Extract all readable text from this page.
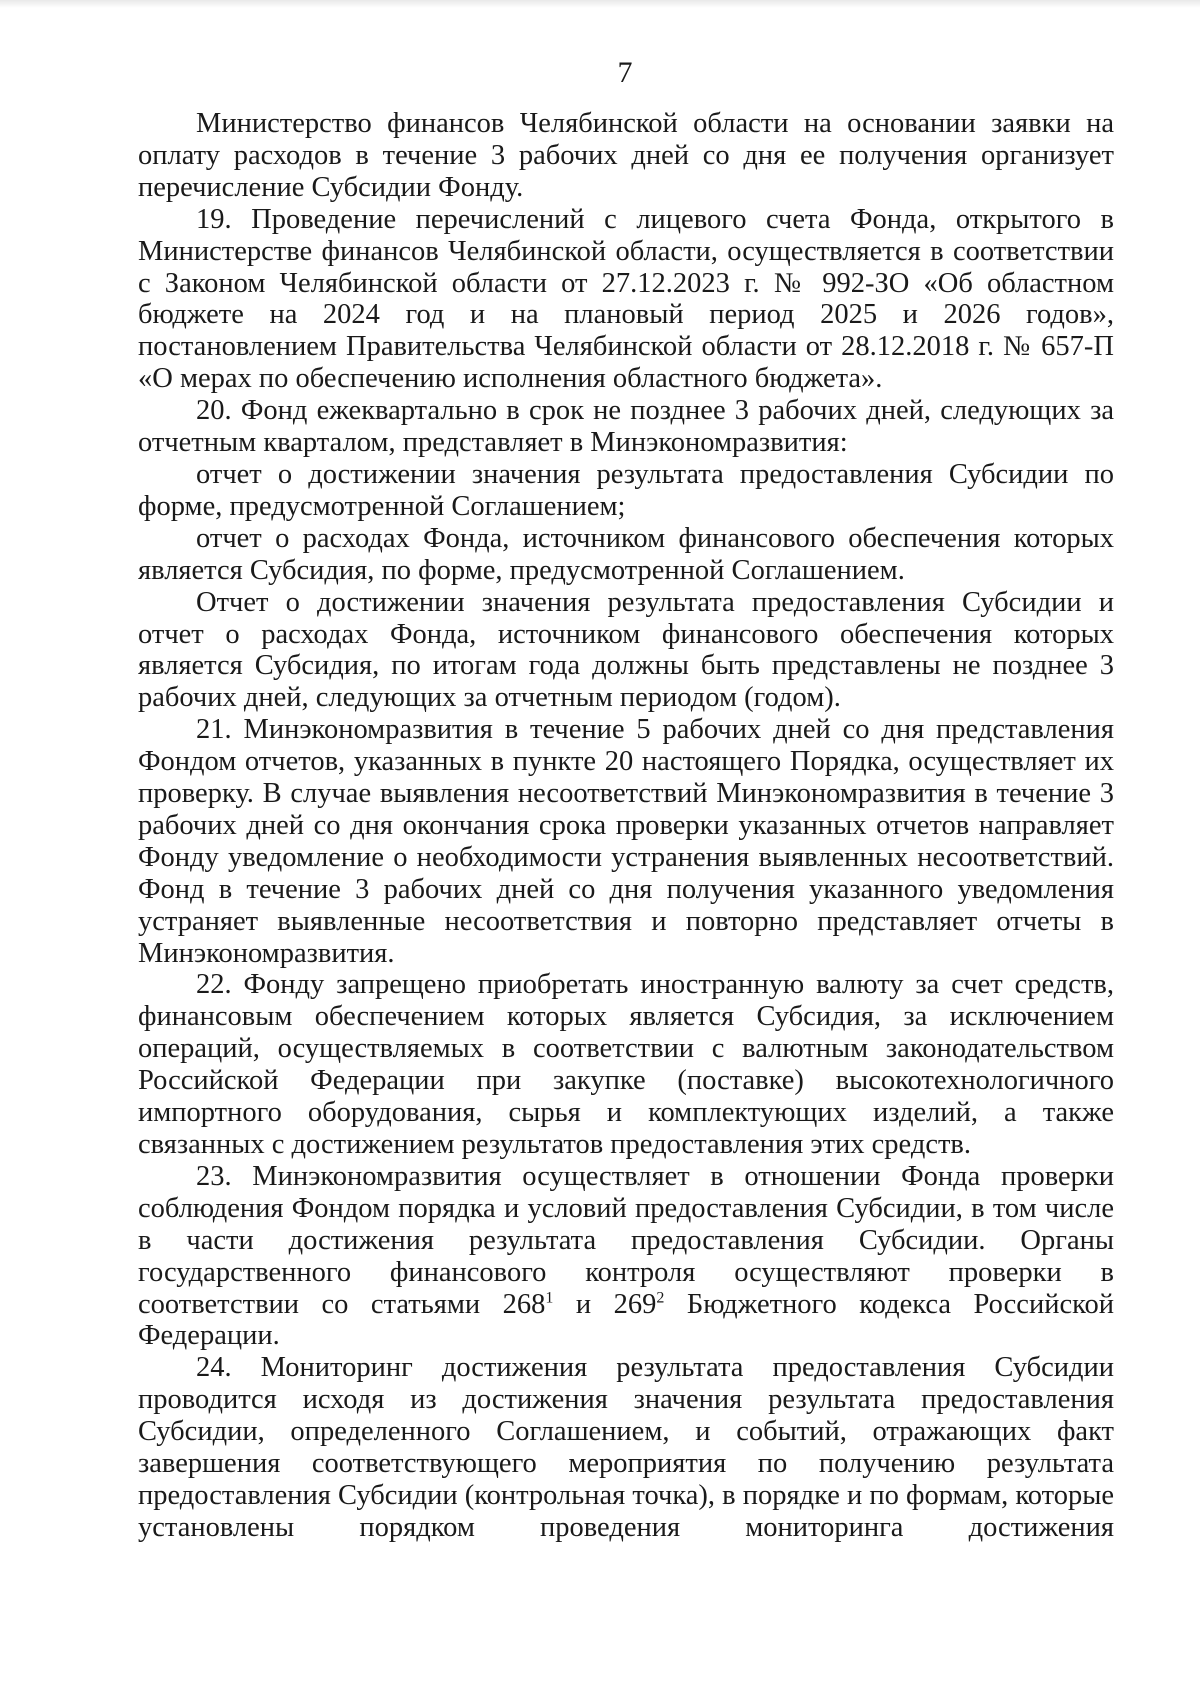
7

Министерство финансов Челябинской области на основании заявки на оплату расходов в течение 3 рабочих дней со дня ее получения организует перечисление Субсидии Фонду.

19. Проведение перечислений с лицевого счета Фонда, открытого в Министерстве финансов Челябинской области, осуществляется в соответствии с Законом Челябинской области от 27.12.2023 г. № 992-ЗО «Об областном бюджете на 2024 год и на плановый период 2025 и 2026 годов», постановлением Правительства Челябинской области от 28.12.2018 г. № 657-П «О мерах по обеспечению исполнения областного бюджета».

20. Фонд ежеквартально в срок не позднее 3 рабочих дней, следующих за отчетным кварталом, представляет в Минэкономразвития:

отчет о достижении значения результата предоставления Субсидии по форме, предусмотренной Соглашением;

отчет о расходах Фонда, источником финансового обеспечения которых является Субсидия, по форме, предусмотренной Соглашением.

Отчет о достижении значения результата предоставления Субсидии и отчет о расходах Фонда, источником финансового обеспечения которых является Субсидия, по итогам года должны быть представлены не позднее 3 рабочих дней, следующих за отчетным периодом (годом).

21. Минэкономразвития в течение 5 рабочих дней со дня представления Фондом отчетов, указанных в пункте 20 настоящего Порядка, осуществляет их проверку. В случае выявления несоответствий Минэкономразвития в течение 3 рабочих дней со дня окончания срока проверки указанных отчетов направляет Фонду уведомление о необходимости устранения выявленных несоответствий. Фонд в течение 3 рабочих дней со дня получения указанного уведомления устраняет выявленные несоответствия и повторно представляет отчеты в Минэкономразвития.

22. Фонду запрещено приобретать иностранную валюту за счет средств, финансовым обеспечением которых является Субсидия, за исключением операций, осуществляемых в соответствии с валютным законодательством Российской Федерации при закупке (поставке) высокотехнологичного импортного оборудования, сырья и комплектующих изделий, а также связанных с достижением результатов предоставления этих средств.

23. Минэкономразвития осуществляет в отношении Фонда проверки соблюдения Фондом порядка и условий предоставления Субсидии, в том числе в части достижения результата предоставления Субсидии. Органы государственного финансового контроля осуществляют проверки в соответствии со статьями $268^1$ и $269^2$ Бюджетного кодекса Российской Федерации.

24. Мониторинг достижения результата предоставления Субсидии проводится исходя из достижения значения результата предоставления Субсидии, определенного Соглашением, и событий, отражающих факт завершения соответствующего мероприятия по получению результата предоставления Субсидии (контрольная точка), в порядке и по формам, которые установлены порядком проведения мониторинга достижения
